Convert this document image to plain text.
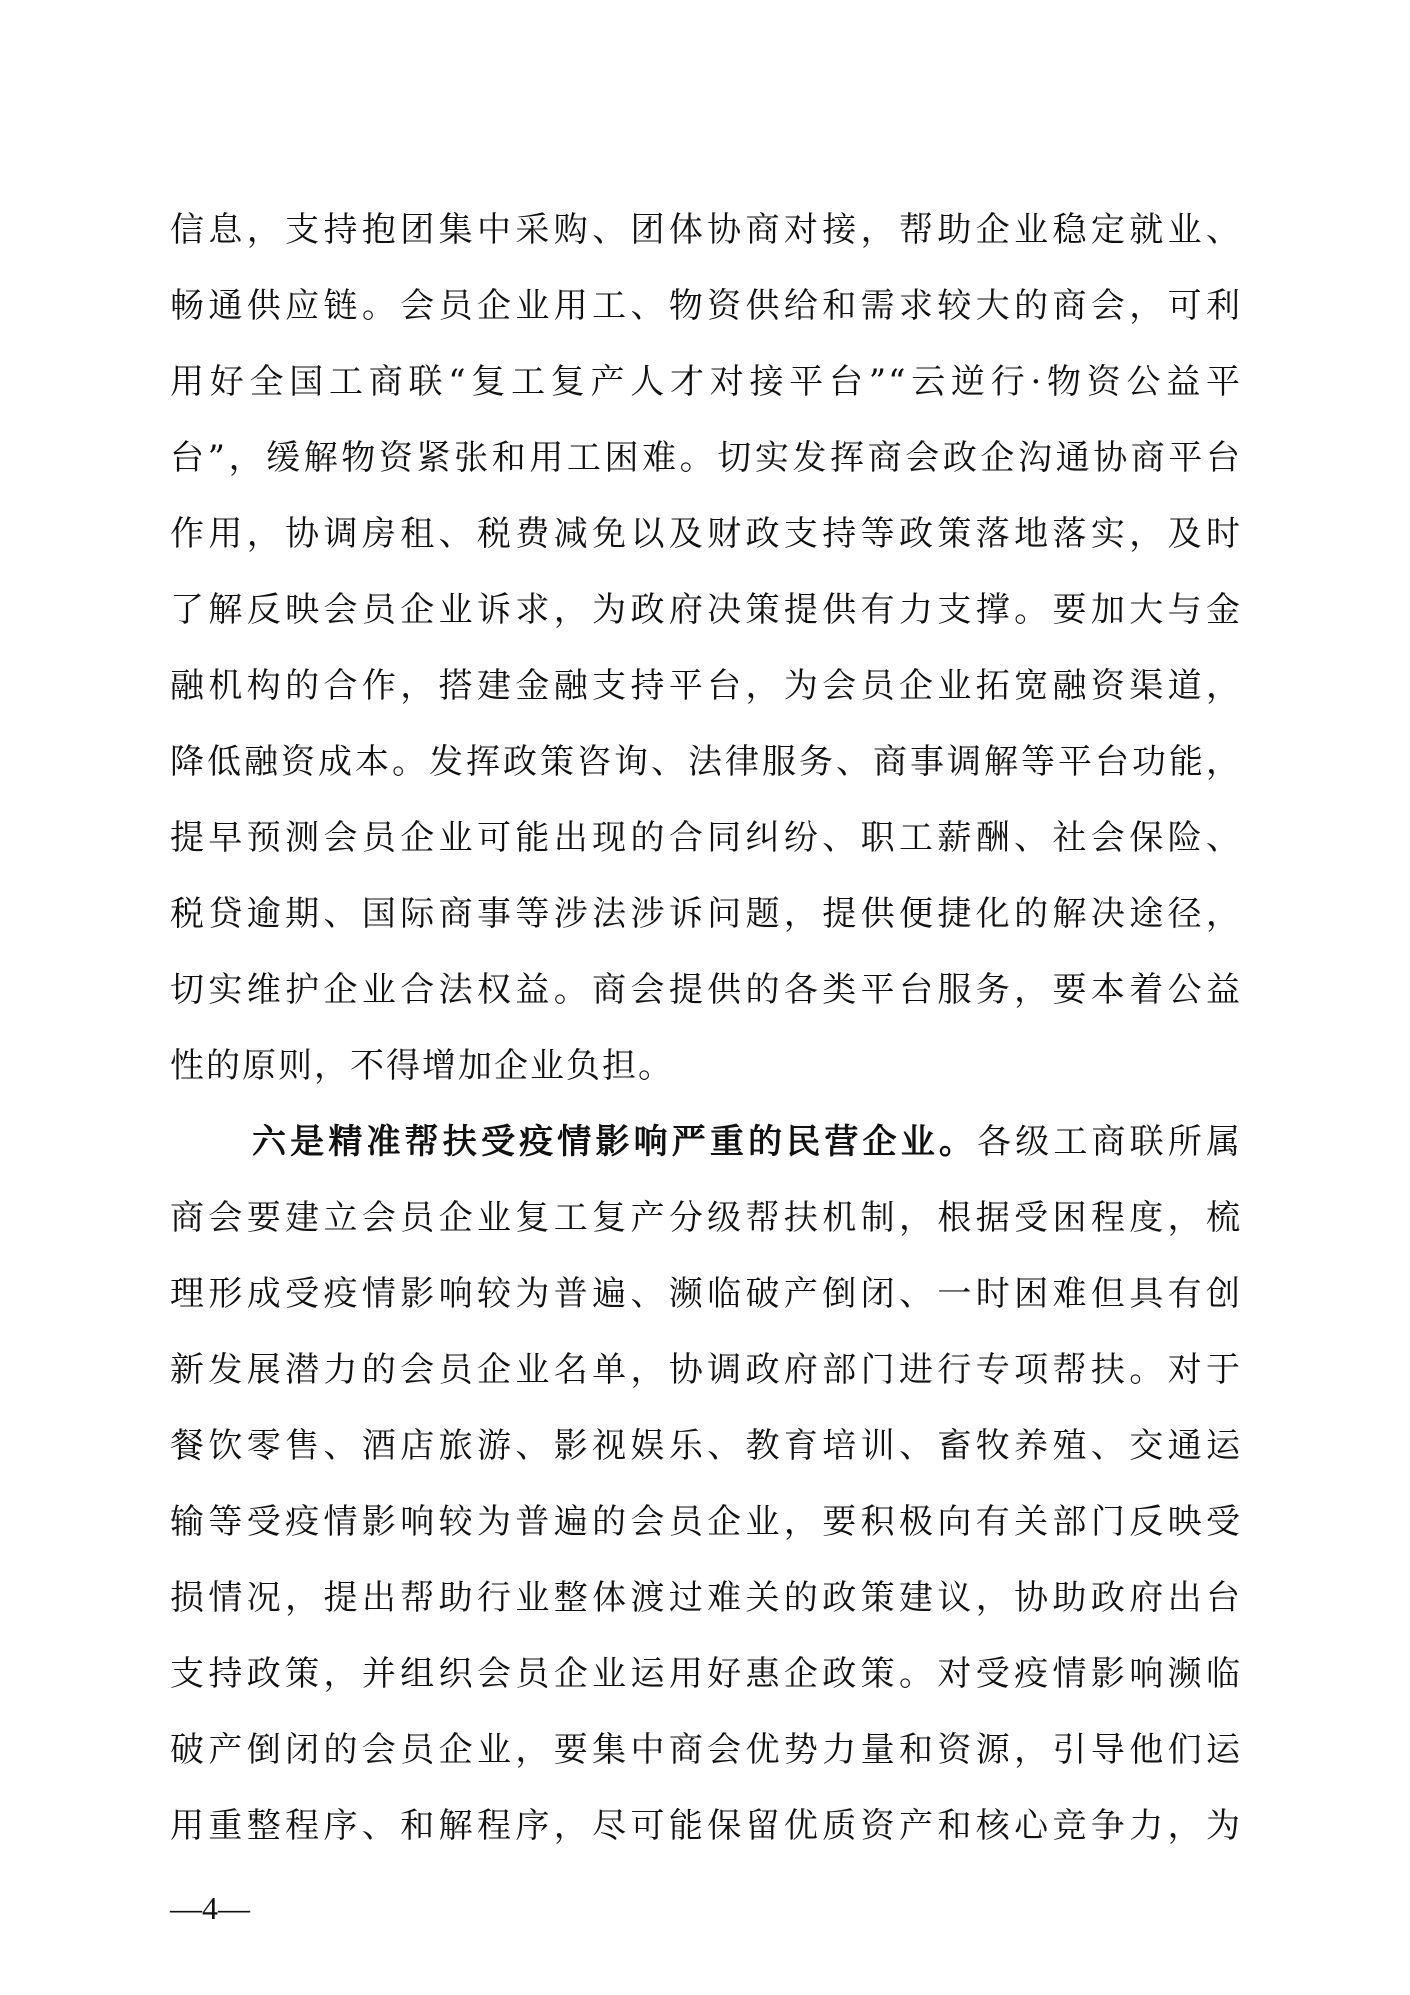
信息，支持抱团集中采购、团体协商对接，帮助企业稳定就业、
畅通供应链。会员企业用工、物资供给和需求较大的商会，可利
用好全国工商联“复工复产人才对接平台”“云逆行·物资公益平
台”，缓解物资紧张和用工困难。切实发挥商会政企沟通协商平台
作用，协调房租、税费减免以及财政支持等政策落地落实，及时
了解反映会员企业诉求，为政府决策提供有力支撑。要加大与金
融机构的合作，搭建金融支持平台，为会员企业拓宽融资渠道，
降低融资成本。发挥政策咨询、法律服务、商事调解等平台功能，
提早预测会员企业可能出现的合同纠纷、职工薪酬、社会保险、
税贷逾期、国际商事等涉法涉诉问题，提供便捷化的解决途径，
切实维护企业合法权益。商会提供的各类平台服务，要本着公益
性的原则，不得增加企业负担。
六是精准帮扶受疫情影响严重的民营企业。各级工商联所属
商会要建立会员企业复工复产分级帮扶机制，根据受困程度，梳
理形成受疫情影响较为普遍、濒临破产倒闭、一时困难但具有创
新发展潜力的会员企业名单，协调政府部门进行专项帮扶。对于
餐饮零售、酒店旅游、影视娱乐、教育培训、畜牧养殖、交通运
输等受疫情影响较为普遍的会员企业，要积极向有关部门反映受
损情况，提出帮助行业整体渡过难关的政策建议，协助政府出台
支持政策，并组织会员企业运用好惠企政策。对受疫情影响濒临
破产倒闭的会员企业，要集中商会优势力量和资源，引导他们运
用重整程序、和解程序，尽可能保留优质资产和核心竞争力，为
—4—
